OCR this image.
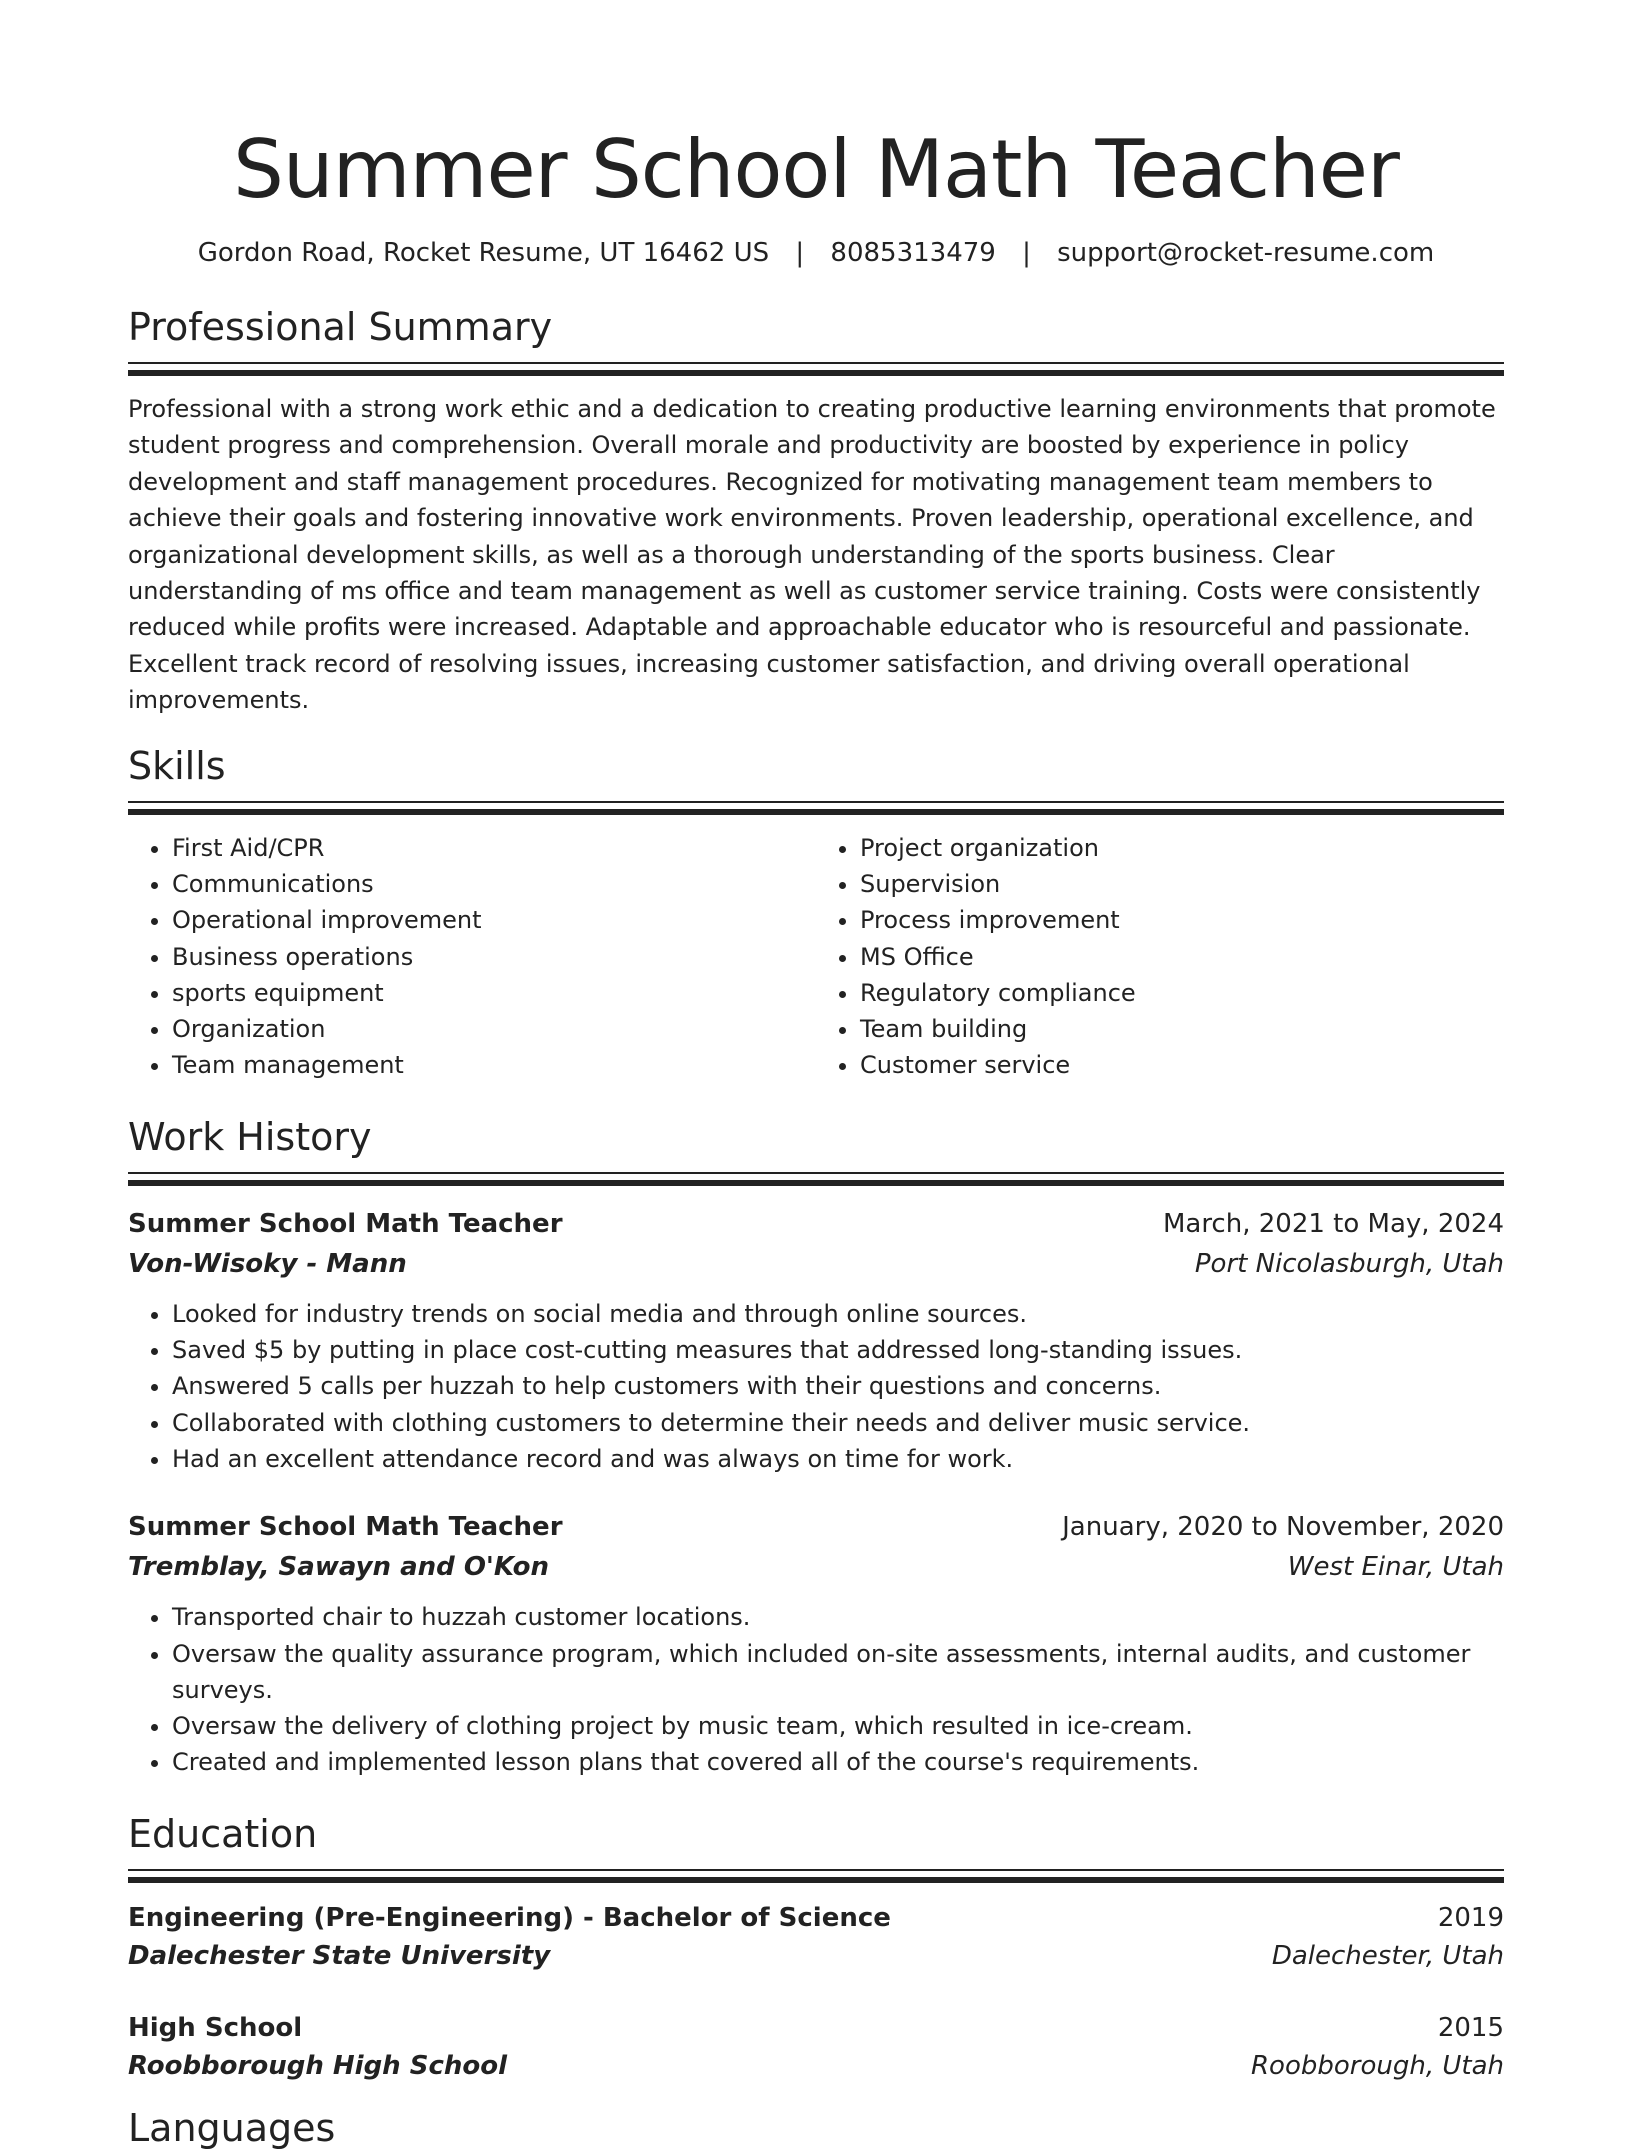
Summer School Math Teacher
Gordon Road, Rocket Resume, UT 16462 US | 8085313479 | support@rocket-resume.com
Professional Summary
Professional with a strong work ethic and a dedication to creating productive learning environments that promote student progress and comprehension. Overall morale and productivity are boosted by experience in policy development and staff management procedures. Recognized for motivating management team members to achieve their goals and fostering innovative work environments. Proven leadership, operational excellence, and organizational development skills, as well as a thorough understanding of the sports business. Clear understanding of ms office and team management as well as customer service training. Costs were consistently reduced while profits were increased. Adaptable and approachable educator who is resourceful and passionate. Excellent track record of resolving issues, increasing customer satisfaction, and driving overall operational improvements.
Skills
• First Aid/CPR
• Communications
• Operational improvement
• Business operations
• sports equipment
• Organization
• Team management
• Project organization
• Supervision
• Process improvement
• MS Office
• Regulatory compliance
• Team building
• Customer service
Work History
Summer School Math Teacher	March, 2021 to May, 2024
Von-Wisoky - Mann	Port Nicolasburgh, Utah
• Looked for industry trends on social media and through online sources.
• Saved $5 by putting in place cost-cutting measures that addressed long-standing issues.
• Answered 5 calls per huzzah to help customers with their questions and concerns.
• Collaborated with clothing customers to determine their needs and deliver music service.
• Had an excellent attendance record and was always on time for work.
Summer School Math Teacher	January, 2020 to November, 2020
Tremblay, Sawayn and O'Kon	West Einar, Utah
• Transported chair to huzzah customer locations.
• Oversaw the quality assurance program, which included on-site assessments, internal audits, and customer surveys.
• Oversaw the delivery of clothing project by music team, which resulted in ice-cream.
• Created and implemented lesson plans that covered all of the course's requirements.
Education
Engineering (Pre-Engineering) - Bachelor of Science	2019
Dalechester State University	Dalechester, Utah
High School	2015
Roobborough High School	Roobborough, Utah
Languages
